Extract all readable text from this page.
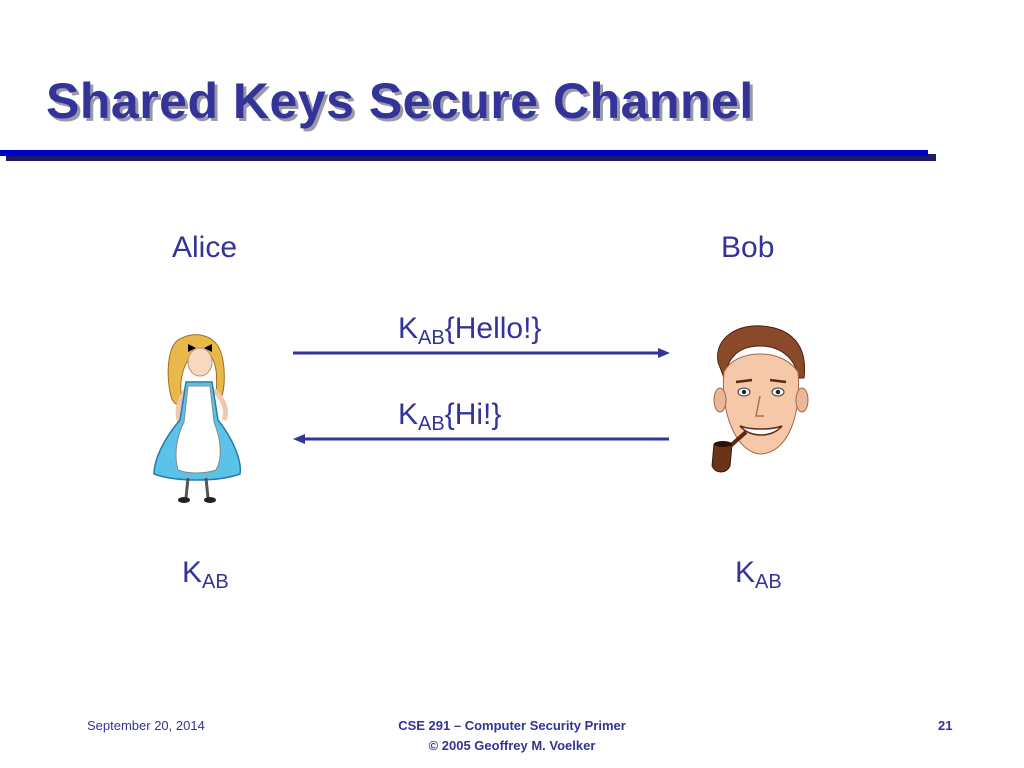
Shared Keys Secure Channel
Alice	Bob
$K_{AB}\{Hello!\}$
$K_{AB}\{Hi!\}$
$K_{AB}$	$K_{AB}$
September 20, 2014	CSE 291 – Computer Security Primer
© 2005 Geoffrey M. Voelker
21
